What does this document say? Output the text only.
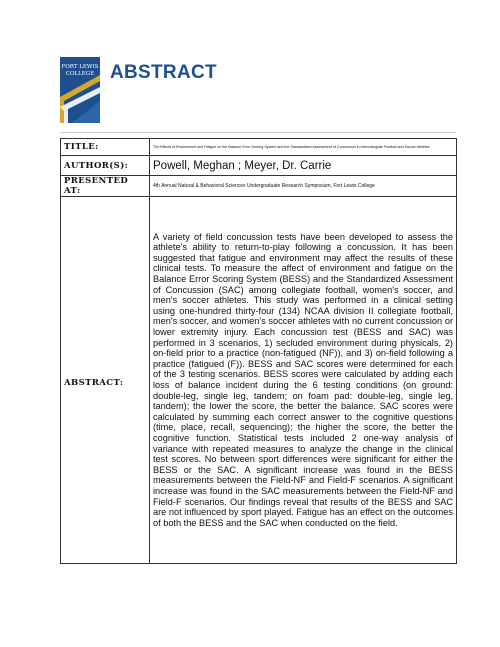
FORT LEWIS
COLLEGE ABSTRACT
TITLE:	The Effects of Environment and Fatigue on the Balance Error Scoring System and the Standardized Assessment of Concussion in Intercollegiate Football and Soccer Athletes
AUTHOR(S):	Powell, Meghan ; Meyer, Dr. Carrie
PRESENTED AT:	4th Annual Natural & Behavioral Sciences Undergraduate Research Symposium, Fort Lewis College
ABSTRACT:	A variety of field concussion tests have been developed to assess the athlete's ability to return-to-play following a concussion. It has been suggested that fatigue and environment may affect the results of these clinical tests. To measure the affect of environment and fatigue on the Balance Error Scoring System (BESS) and the Standardized Assessment of Concussion (SAC) among collegiate football, women's soccer, and men's soccer athletes. This study was performed in a clinical setting using one-hundred thirty-four (134) NCAA division II collegiate football, men's soccer, and women's soccer athletes with no current concussion or lower extremity injury. Each concussion test (BESS and SAC) was performed in 3 scenarios, 1) secluded environment during physicals, 2) on-field prior to a practice (non-fatigued (NF)), and 3) on-field following a practice (fatigued (F)). BESS and SAC scores were determined for each of the 3 testing scenarios. BESS scores were calculated by adding each loss of balance incident during the 6 testing conditions (on ground: double-leg, single leg, tandem; on foam pad: double-leg, single leg, tandem); the lower the score, the better the balance. SAC scores were calculated by summing each correct answer to the cognitive questions (time, place, recall, sequencing); the higher the score, the better the cognitive function. Statistical tests included 2 one-way analysis of variance with repeated measures to analyze the change in the clinical test scores. No between sport differences were significant for either the BESS or the SAC. A significant increase was found in the BESS measurements between the Field-NF and Field-F scenarios. A significant increase was found in the SAC measurements between the Field-NF and Field-F scenarios. Our findings reveal that results of the BESS and SAC are not influenced by sport played. Fatigue has an effect on the outcomes of both the BESS and the SAC when conducted on the field.
